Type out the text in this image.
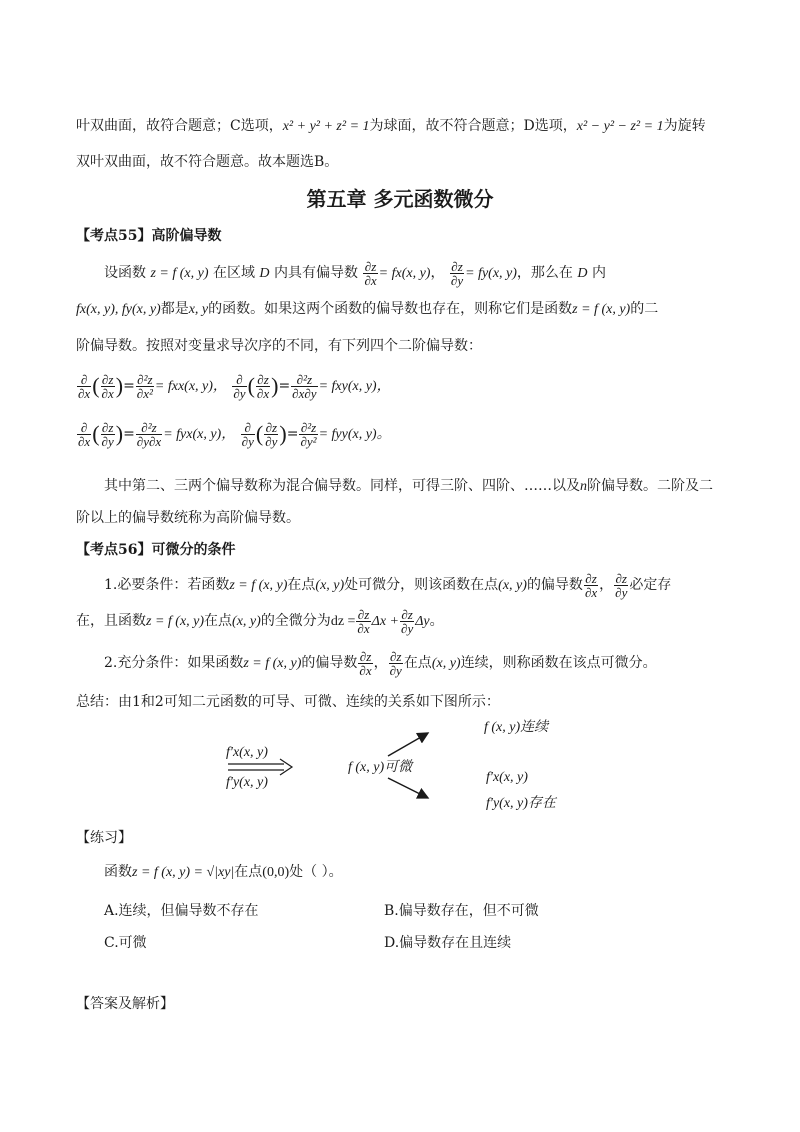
叶双曲面，故符合题意；C选项，x² + y² + z² = 1为球面，故不符合题意；D选项，x² − y² − z² = 1为旋转
双叶双曲面，故不符合题意。故本题选B。
第五章 多元函数微分
【考点55】高阶偏导数
设函数 z = f (x, y) 在区域 D 内具有偏导数 $\frac{\partial z}{\partial x} = fx(x$, y)， $\frac{\partial z}{\partial y} = fy(x$, y)，那么在 D 内
fx(x, y), fy(x, y)都是x, y的函数。如果这两个函数的偏导数也存在，则称它们是函数z = f (x, y)的二
阶偏导数。按照对变量求导次序的不同，有下列四个二阶偏导数：
$\frac{\partial}{\partial x}$ ( $\frac{\partial z}{\partial x}$ )= $\frac{\text{∂²z}}{\text{∂x²}} = fxx(x$, y)， $\frac{\partial}{\partial y}$ ( $\frac{\partial z}{\partial x}$ )= $\frac{\text{∂²z}}{\partial x\partial y} = fxy(x$, y)，
$\frac{\partial}{\partial x}$ ( $\frac{\partial z}{\partial y}$ )= $\frac{\text{∂²z}}{\partial y\partial x} = fyx(x$, y)， $\frac{\partial}{\partial y}$ ( $\frac{\partial z}{\partial y}$ )= $\frac{\text{∂²z}}{\text{∂y²}} = fyy(x$, y)。
其中第二、三两个偏导数称为混合偏导数。同样，可得三阶、四阶、……以及n阶偏导数。二阶及二
阶以上的偏导数统称为高阶偏导数。
【考点56】可微分的条件
1.必要条件：若函数z = f (x, y)在点(x, y)处可微分，则该函数在点(x, y)的偏导数 $\frac{\partial z}{\partial x}$ ， $\frac{\partial z}{\partial y}$ 必定存
在，且函数z = f (x, y)在点(x, y)的全微分为dz = $\frac{\partial z}{\partial x}$ $\Delta x + \frac{\partial z}{\partial y}$ Δy。
2.充分条件：如果函数z = f (x, y)的偏导数 $\frac{\partial z}{\partial x}$ ， $\frac{\partial z}{\partial y}$ 在点(x, y)连续，则称函数在该点可微分。
总结：由1和2可知二元函数的可导、可微、连续的关系如下图所示：
f (x, y)连续
f′x(x, y)
f′y(x, y)
f (x, y)可微
f′x(x, y)
f′y(x, y)存在
【练习】
函数z = f (x, y) = √|xy|在点(0,0)处（ ）。
A.连续，但偏导数不存在	B.偏导数存在，但不可微
C.可微	D.偏导数存在且连续
【答案及解析】
